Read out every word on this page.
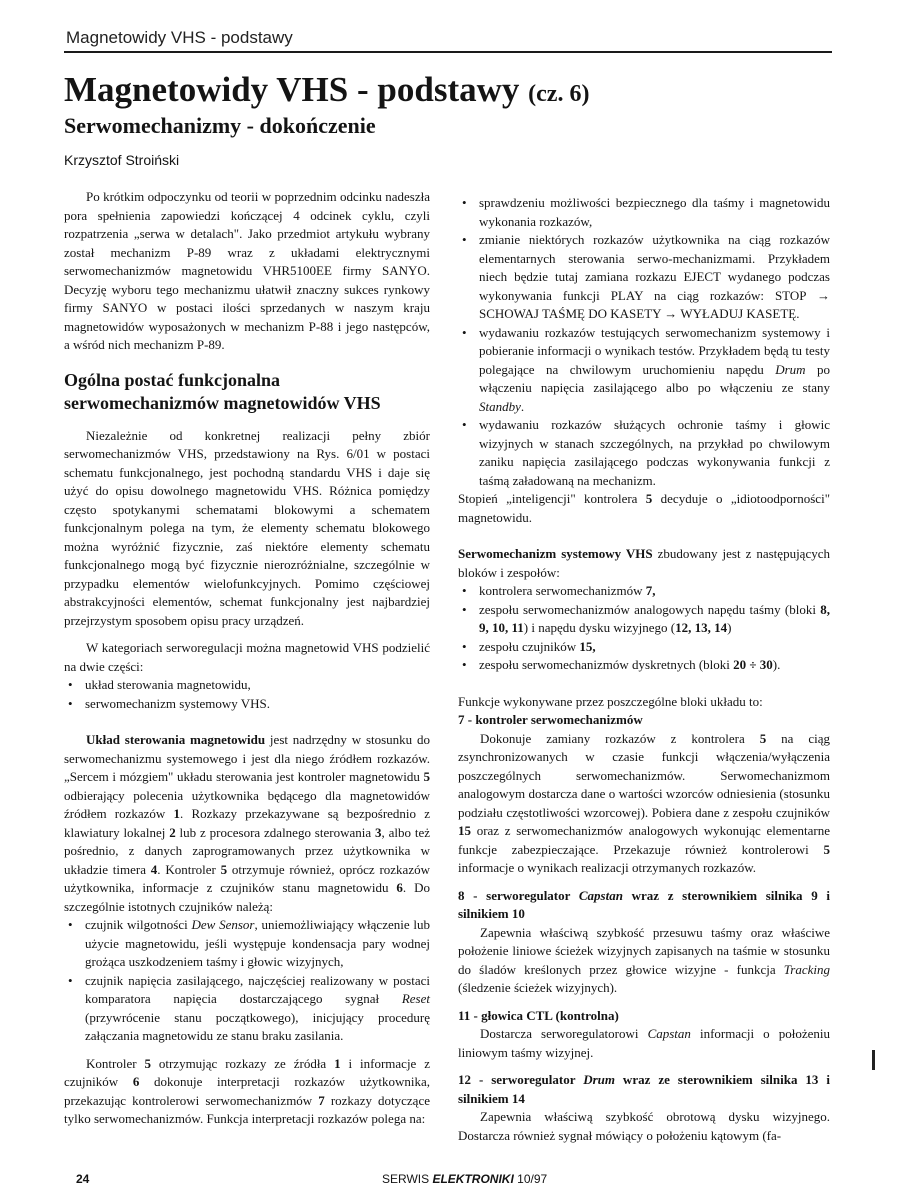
Magnetowidy VHS - podstawy
Magnetowidy VHS - podstawy (cz. 6)
Serwomechanizmy - dokończenie
Krzysztof Stroiński

Po krótkim odpoczynku od teorii w poprzednim odcinku nadeszła pora spełnienia zapowiedzi kończącej 4 odcinek cyklu, czyli rozpatrzenia „serwa w detalach". Jako przedmiot artykułu wybrany został mechanizm P-89 wraz z układami elektrycznymi serwomechanizmów magnetowidu VHR5100EE firmy SANYO. Decyzję wyboru tego mechanizmu ułatwił znaczny sukces rynkowy firmy SANYO w postaci ilości sprzedanych w naszym kraju magnetowidów wyposażonych w mechanizm P-88 i jego następców, a wśród nich mechanizm P-89.

Ogólna postać funkcjonalna serwomechanizmów magnetowidów VHS

Niezależnie od konkretnej realizacji pełny zbiór serwomechanizmów VHS, przedstawiony na Rys. 6/01 w postaci schematu funkcjonalnego, jest pochodną standardu VHS i daje się użyć do opisu dowolnego magnetowidu VHS. Różnica pomiędzy często spotykanymi schematami blokowymi a schematem funkcjonalnym polega na tym, że elementy schematu blokowego można wyróżnić fizycznie, zaś niektóre elementy schematu funkcjonalnego mogą być fizycznie nierozróżnialne, szczególnie w przypadku elementów wielofunkcyjnych. Pomimo częściowej abstrakcyjności elementów, schemat funkcjonalny jest najbardziej przejrzystym sposobem opisu pracy urządzeń.

W kategoriach serworegulacji można magnetowid VHS podzielić na dwie części:

• układ sterowania magnetowidu,
• serwomechanizm systemowy VHS.

Układ sterowania magnetowidu jest nadrzędny w stosunku do serwomechanizmu systemowego i jest dla niego źródłem rozkazów. „Sercem i mózgiem" układu sterowania jest kontroler magnetowidu 5 odbierający polecenia użytkownika będącego dla magnetowidów źródłem rozkazów 1. Rozkazy przekazywane są bezpośrednio z klawiatury lokalnej 2 lub z procesora zdalnego sterowania 3, albo też pośrednio, z danych zaprogramowanych przez użytkownika w układzie timera 4. Kontroler 5 otrzymuje również, oprócz rozkazów użytkownika, informacje z czujników stanu magnetowidu 6. Do szczególnie istotnych czujników należą:

• czujnik wilgotności Dew Sensor, uniemożliwiający włączenie lub użycie magnetowidu, jeśli występuje kondensacja pary wodnej grożąca uszkodzeniem taśmy i głowic wizyjnych,
• czujnik napięcia zasilającego, najczęściej realizowany w postaci komparatora napięcia dostarczającego sygnał Reset (przywrócenie stanu początkowego), inicjujący procedurę załączania magnetowidu ze stanu braku zasilania.

Kontroler 5 otrzymując rozkazy ze źródła 1 i informacje z czujników 6 dokonuje interpretacji rozkazów użytkownika, przekazując kontrolerowi serwomechanizmów 7 rozkazy dotyczące tylko serwomechanizmów. Funkcja interpretacji rozkazów polega na:

• sprawdzeniu możliwości bezpiecznego dla taśmy i magnetowidu wykonania rozkazów,
• zmianie niektórych rozkazów użytkownika na ciąg rozkazów elementarnych sterowania serwo-mechanizmami. Przykładem niech będzie tutaj zamiana rozkazu EJECT wydanego podczas wykonywania funkcji PLAY na ciąg rozkazów: STOP → SCHOWAJ TAŚMĘ DO KASETY → WYŁADUJ KASETĘ.
• wydawaniu rozkazów testujących serwomechanizm systemowy i pobieranie informacji o wynikach testów. Przykładem będą tu testy polegające na chwilowym uruchomieniu napędu Drum po włączeniu napięcia zasilającego albo po włączeniu ze stany Standby.
• wydawaniu rozkazów służących ochronie taśmy i głowic wizyjnych w stanach szczególnych, na przykład po chwilowym zaniku napięcia zasilającego podczas wykonywania funkcji z taśmą załadowaną na mechanizm.

Stopień „inteligencji" kontrolera 5 decyduje o „idiotoodporności" magnetowidu.

Serwomechanizm systemowy VHS zbudowany jest z następujących bloków i zespołów:

• kontrolera serwomechanizmów 7,
• zespołu serwomechanizmów analogowych napędu taśmy (bloki 8, 9, 10, 11) i napędu dysku wizyjnego (12, 13, 14)
• zespołu czujników 15,
• zespołu serwomechanizmów dyskretnych (bloki 20 ÷ 30).

Funkcje wykonywane przez poszczególne bloki układu to:

7 - kontroler serwomechanizmów

Dokonuje zamiany rozkazów z kontrolera 5 na ciąg zsynchronizowanych w czasie funkcji włączenia/wyłączenia poszczególnych serwomechanizmów. Serwomechanizmom analogowym dostarcza dane o wartości wzorców odniesienia (stosunku podziału częstotliwości wzorcowej). Pobiera dane z zespołu czujników 15 oraz z serwomechanizmów analogowych wykonując elementarne funkcje zabezpieczające. Przekazuje również kontrolerowi 5 informacje o wynikach realizacji otrzymanych rozkazów.

8 - serworegulator Capstan wraz z sterownikiem silnika 9 i silnikiem 10

Zapewnia właściwą szybkość przesuwu taśmy oraz właściwe położenie liniowe ścieżek wizyjnych zapisanych na taśmie w stosunku do śladów kreślonych przez głowice wizyjne - funkcja Tracking (śledzenie ścieżek wizyjnych).

11 - głowica CTL (kontrolna)

Dostarcza serworegulatorowi Capstan informacji o położeniu liniowym taśmy wizyjnej.

12 - serworegulator Drum wraz ze sterownikiem silnika 13 i silnikiem 14

Zapewnia właściwą szybkość obrotową dysku wizyjnego. Dostarcza również sygnał mówiący o położeniu kątowym (fa-

24	SERWIS ELEKTRONIKI 10/97
